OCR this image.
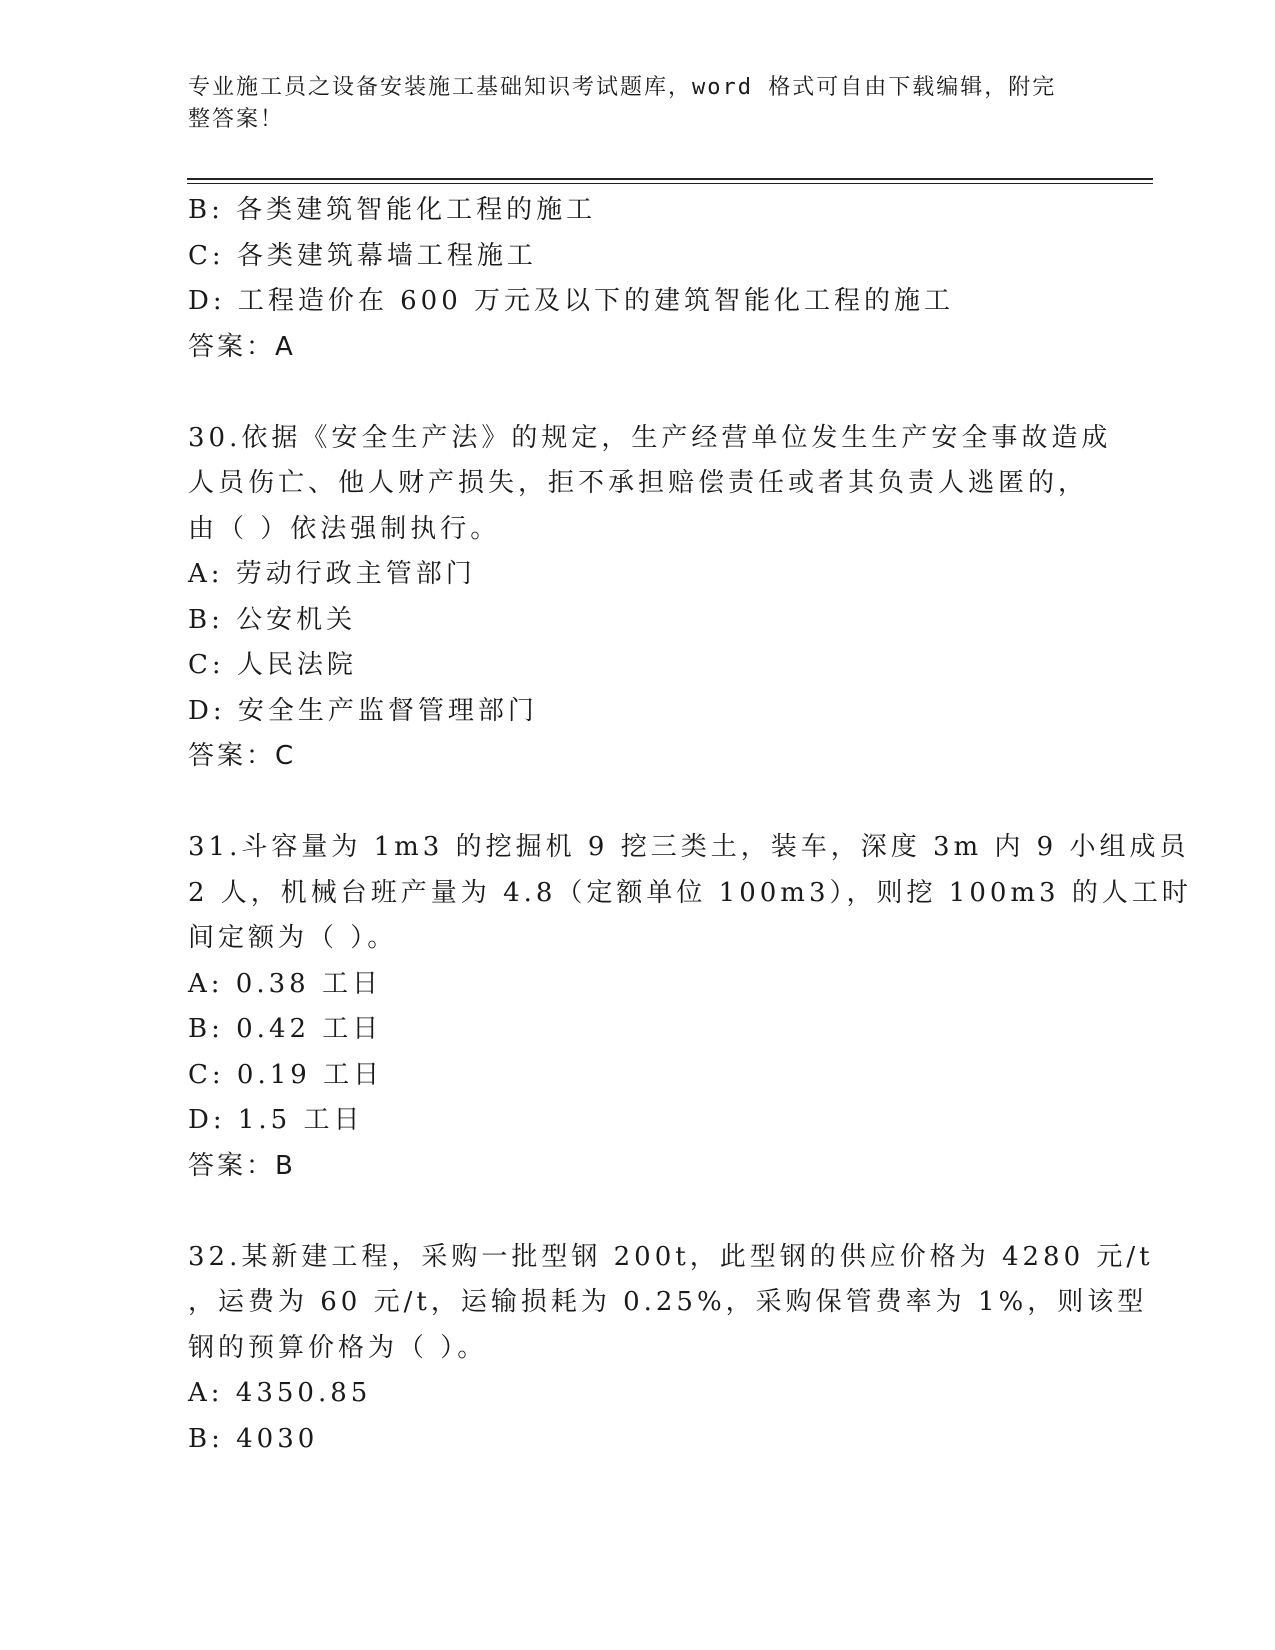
专业施工员之设备安装施工基础知识考试题库，word 格式可自由下载编辑，附完
整答案！
B: 各类建筑智能化工程的施工
C: 各类建筑幕墙工程施工
D: 工程造价在 600 万元及以下的建筑智能化工程的施工
答案：A
30.依据《安全生产法》的规定，生产经营单位发生生产安全事故造成
人员伤亡、他人财产损失，拒不承担赔偿责任或者其负责人逃匿的，
由（ ）依法强制执行。
A: 劳动行政主管部门
B: 公安机关
C: 人民法院
D: 安全生产监督管理部门
答案：C
31.斗容量为 1m3 的挖掘机 9 挖三类土，装车，深度 3m 内 9 小组成员
2 人，机械台班产量为 4.8（定额单位 100m3），则挖 100m3 的人工时
间定额为（ ）。
A: 0.38 工日
B: 0.42 工日
C: 0.19 工日
D: 1.5 工日
答案：B
32.某新建工程，采购一批型钢 200t，此型钢的供应价格为 4280 元/t
，运费为 60 元/t，运输损耗为 0.25%，采购保管费率为 1%，则该型
钢的预算价格为（ ）。
A: 4350.85
B: 4030
